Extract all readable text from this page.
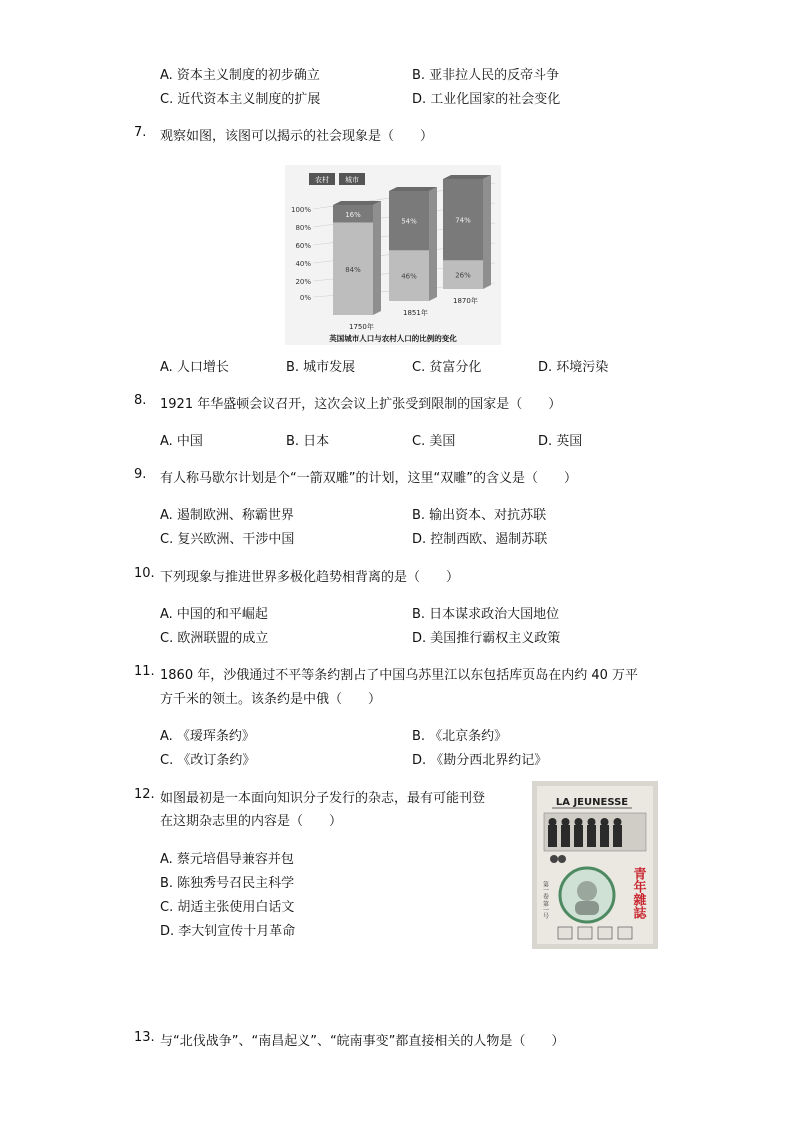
A. 资本主义制度的初步确立	B. 亚非拉人民的反帝斗争
C. 近代资本主义制度的扩展	D. 工业化国家的社会变化
7. 观察如图，该图可以揭示的社会现象是（　　）
农村 城市
100%
80%
60%
40%
20%
0%
16%
84%
54%
46%
74%
26%
1750年
1851年
1870年
英国城市人口与农村人口的比例的变化
A. 人口增长	B. 城市发展	C. 贫富分化	D. 环境污染
8. 1921 年华盛顿会议召开，这次会议上扩张受到限制的国家是（　　）
A. 中国	B. 日本	C. 美国	D. 英国
9. 有人称马歇尔计划是个“一箭双雕”的计划，这里“双雕”的含义是（　　）
A. 遏制欧洲、称霸世界	B. 输出资本、对抗苏联
C. 复兴欧洲、干涉中国	D. 控制西欧、遏制苏联
10. 下列现象与推进世界多极化趋势相背离的是（　　）
A. 中国的和平崛起	B. 日本谋求政治大国地位
C. 欧洲联盟的成立	D. 美国推行霸权主义政策
11. 1860 年，沙俄通过不平等条约割占了中国乌苏里江以东包括库页岛在内约 40 万平
方千米的领土。该条约是中俄（　　）
A. 《瑷珲条约》	B. 《北京条约》
C. 《改订条约》	D. 《勘分西北界约记》
12. 如图最初是一本面向知识分子发行的杂志，最有可能刊登
在这期杂志里的内容是（　　）
A. 蔡元培倡导兼容并包
B. 陈独秀号召民主科学
C. 胡适主张使用白话文
D. 李大钊宣传十月革命
LA JEUNESSE
第一卷 第一号	青年雜誌
13. 与“北伐战争”、“南昌起义”、“皖南事变”都直接相关的人物是（　　）
